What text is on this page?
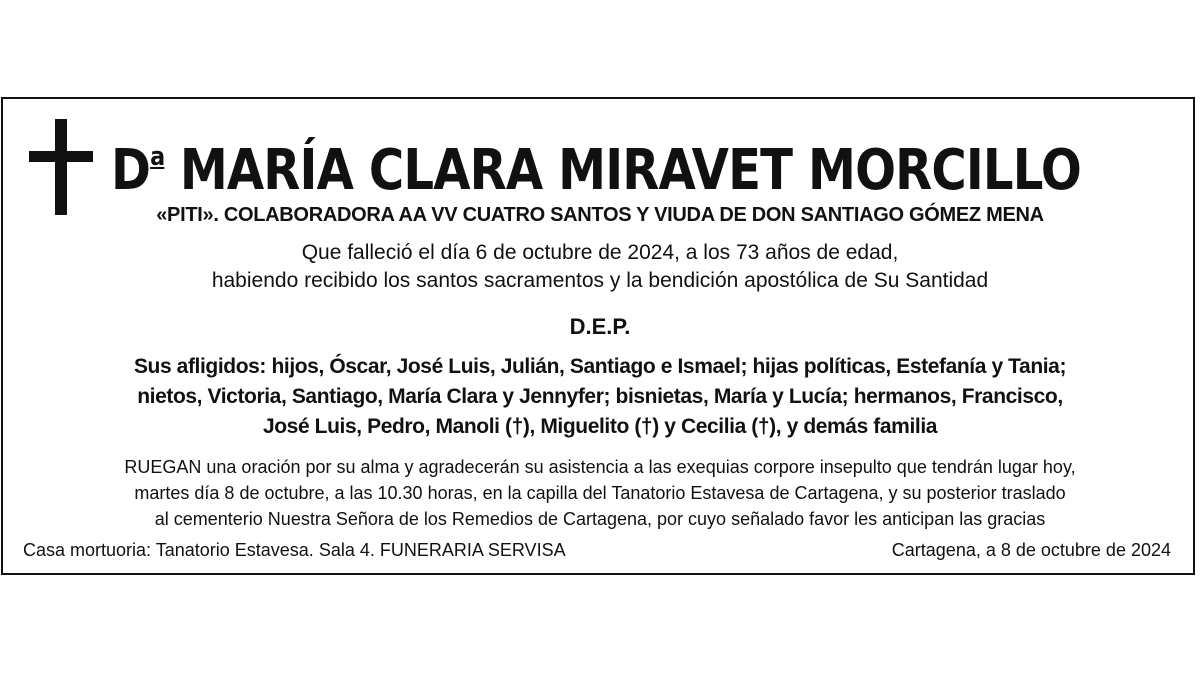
$D^a$ MARÍA CLARA MIRAVET MORCILLO
«PITI». COLABORADORA AA VV CUATRO SANTOS Y VIUDA DE DON SANTIAGO GÓMEZ MENA
Que falleció el día 6 de octubre de 2024, a los 73 años de edad,
habiendo recibido los santos sacramentos y la bendición apostólica de Su Santidad
D.E.P.
Sus afligidos: hijos, Óscar, José Luis, Julián, Santiago e Ismael; hijas políticas, Estefanía y Tania;
nietos, Victoria, Santiago, María Clara y Jennyfer; bisnietas, María y Lucía; hermanos, Francisco,
José Luis, Pedro, Manoli (†), Miguelito (†) y Cecilia (†), y demás familia
RUEGAN una oración por su alma y agradecerán su asistencia a las exequias corpore insepulto que tendrán lugar hoy,
martes día 8 de octubre, a las 10.30 horas, en la capilla del Tanatorio Estavesa de Cartagena, y su posterior traslado
al cementerio Nuestra Señora de los Remedios de Cartagena, por cuyo señalado favor les anticipan las gracias
Casa mortuoria: Tanatorio Estavesa. Sala 4. FUNERARIA SERVISA	Cartagena, a 8 de octubre de 2024
